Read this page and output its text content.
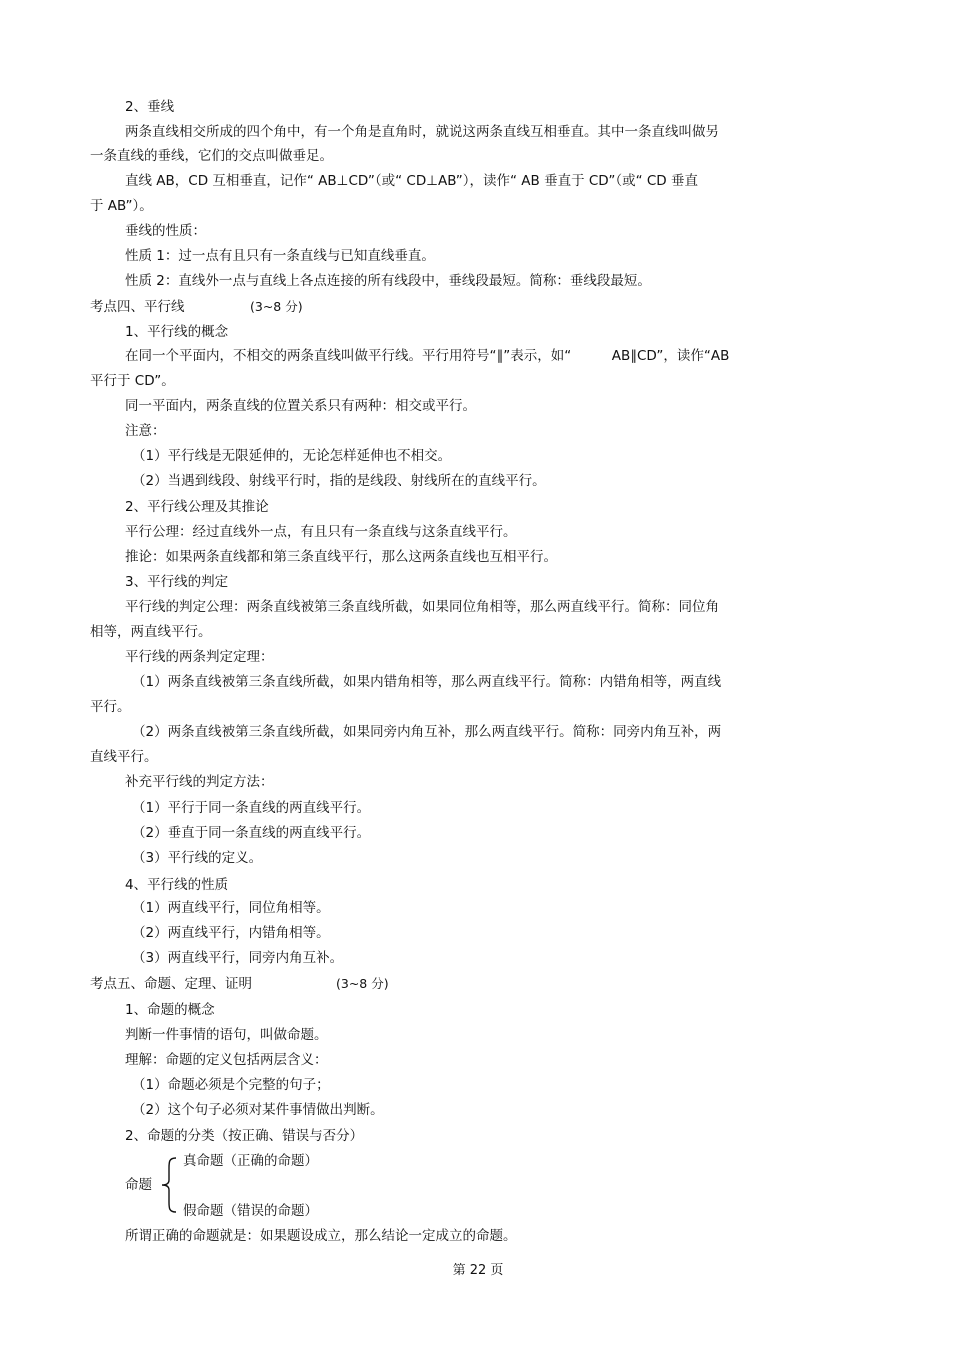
2、垂线
两条直线相交所成的四个角中，有一个角是直角时，就说这两条直线互相垂直。其中一条直线叫做另
一条直线的垂线，它们的交点叫做垂足。
直线 AB，CD 互相垂直，记作“ AB⊥CD”（或“ CD⊥AB”），读作“ AB 垂直于 CD”（或“ CD 垂直
于 AB”）。
垂线的性质：
性质 1：过一点有且只有一条直线与已知直线垂直。
性质 2：直线外一点与直线上各点连接的所有线段中，垂线段最短。简称：垂线段最短。
考点四、平行线	(3~8 分)
1、平行线的概念
在同一个平面内，不相交的两条直线叫做平行线。平行用符号“∥”表示，如“　　　AB∥CD”，读作“AB
平行于 CD”。
同一平面内，两条直线的位置关系只有两种：相交或平行。
注意：
（1）平行线是无限延伸的，无论怎样延伸也不相交。
（2）当遇到线段、射线平行时，指的是线段、射线所在的直线平行。
2、平行线公理及其推论
平行公理：经过直线外一点，有且只有一条直线与这条直线平行。
推论：如果两条直线都和第三条直线平行，那么这两条直线也互相平行。
3、平行线的判定
平行线的判定公理：两条直线被第三条直线所截，如果同位角相等，那么两直线平行。简称：同位角
相等，两直线平行。
平行线的两条判定定理：
（1）两条直线被第三条直线所截，如果内错角相等，那么两直线平行。简称：内错角相等，两直线
平行。
（2）两条直线被第三条直线所截，如果同旁内角互补，那么两直线平行。简称：同旁内角互补，两
直线平行。
补充平行线的判定方法：
（1）平行于同一条直线的两直线平行。
（2）垂直于同一条直线的两直线平行。
（3）平行线的定义。
4、平行线的性质
（1）两直线平行，同位角相等。
（2）两直线平行，内错角相等。
（3）两直线平行，同旁内角互补。
考点五、命题、定理、证明	(3~8 分)
1、命题的概念
判断一件事情的语句，叫做命题。
理解：命题的定义包括两层含义：
（1）命题必须是个完整的句子；
（2）这个句子必须对某件事情做出判断。
2、命题的分类（按正确、错误与否分）
命题
真命题（正确的命题）
假命题（错误的命题）
所谓正确的命题就是：如果题设成立，那么结论一定成立的命题。
第 22 页
